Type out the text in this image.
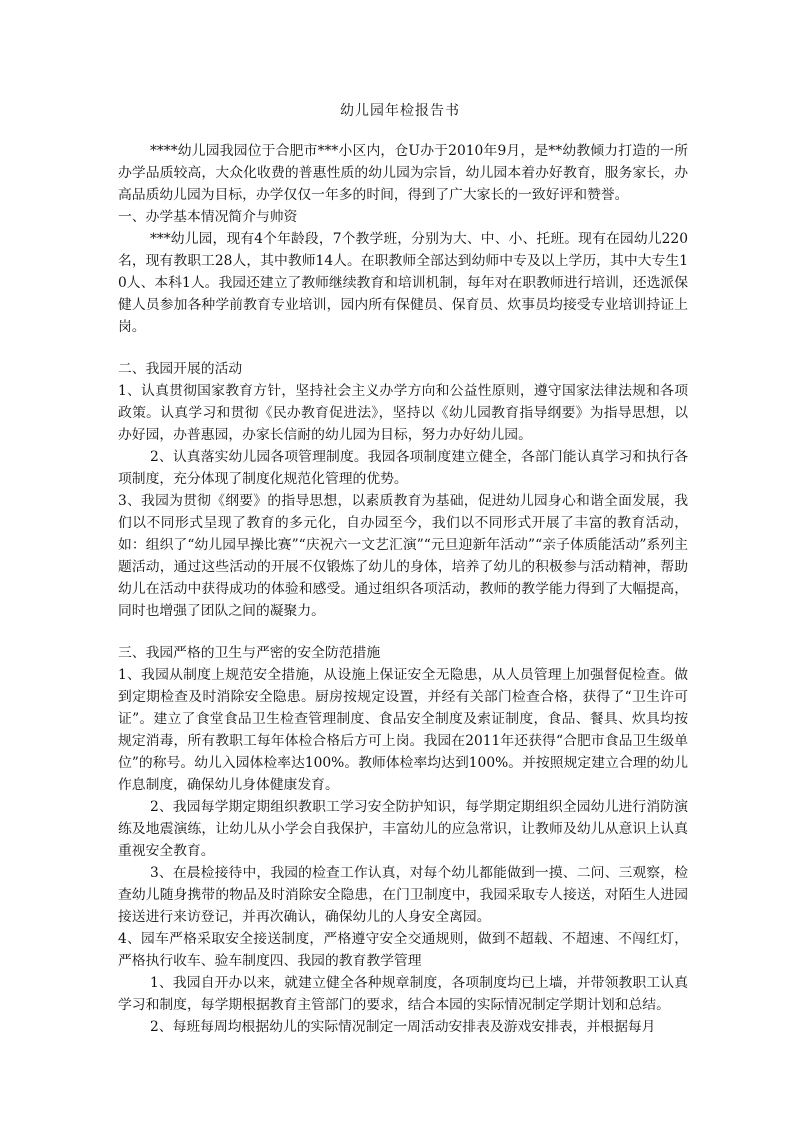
幼儿园年检报告书

****幼儿园我园位于合肥市***小区内，仓U办于2010年9月，是**幼教倾力打造的一所办学品质较高，大众化收费的普惠性质的幼儿园为宗旨，幼儿园本着办好教育，服务家长，办高品质幼儿园为目标，办学仅仅一年多的时间，得到了广大家长的一致好评和赞誉。

一、办学基本情况简介与帅资

***幼儿园，现有4个年龄段，7个教学班，分别为大、中、小、托班。现有在园幼儿220名，现有教职工28人，其中教师14人。在职教师全部达到幼师中专及以上学历，其中大专生10人、本科1人。我园还建立了教师继续教育和培训机制，每年对在职教师进行培训，还选派保健人员参加各种学前教育专业培训，园内所有保健员、保育员、炊事员均接受专业培训持证上岗。

二、我园开展的活动

1、认真贯彻国家教育方针，坚持社会主义办学方向和公益性原则，遵守国家法律法规和各项政策。认真学习和贯彻《民办教育促进法》，坚持以《幼儿园教育指导纲要》为指导思想，以办好园，办普惠园，办家长信耐的幼儿园为目标，努力办好幼儿园。

2、认真落实幼儿园各项管理制度。我园各项制度建立健全，各部门能认真学习和执行各项制度，充分体现了制度化规范化管理的优势。

3、我园为贯彻《纲要》的指导思想，以素质教育为基础，促进幼儿园身心和谐全面发展，我们以不同形式呈现了教育的多元化，自办园至今，我们以不同形式开展了丰富的教育活动，如：组织了“幼儿园早操比赛”“庆祝六一文艺汇演”“元旦迎新年活动”“亲子体质能活动”系列主题活动，通过这些活动的开展不仅锻炼了幼儿的身体，培养了幼儿的积极参与活动精神，帮助幼儿在活动中获得成功的体验和感受。通过组织各项活动，教师的教学能力得到了大幅提高，同时也增强了团队之间的凝聚力。

三、我园严格的卫生与严密的安全防范措施

1、我园从制度上规范安全措施，从设施上保证安全无隐患，从人员管理上加强督促检查。做到定期检查及时消除安全隐患。厨房按规定设置，并经有关部门检查合格，获得了“卫生许可证”。建立了食堂食品卫生检查管理制度、食品安全制度及索证制度，食品、餐具、炊具均按规定消毒，所有教职工每年体检合格后方可上岗。我园在2011年还获得“合肥市食品卫生级单位”的称号。幼儿入园体检率达100%。教师体检率均达到100%。并按照规定建立合理的幼儿作息制度，确保幼儿身体健康发育。

2、我园每学期定期组织教职工学习安全防护知识，每学期定期组织全园幼儿进行消防演练及地震演练，让幼儿从小学会自我保护，丰富幼儿的应急常识，让教师及幼儿从意识上认真重视安全教育。

3、在晨检接待中，我园的检查工作认真，对每个幼儿都能做到一摸、二问、三观察，检查幼儿随身携带的物品及时消除安全隐患，在门卫制度中，我园采取专人接送，对陌生人进园接送进行来访登记，并再次确认，确保幼儿的人身安全离园。

4、园车严格采取安全接送制度，严格遵守安全交通规则，做到不超载、不超速、不闯红灯，严格执行收车、验车制度四、我园的教育教学管理

1、我园自开办以来，就建立健全各种规章制度，各项制度均已上墙，并带领教职工认真学习和制度，每学期根据教育主管部门的要求，结合本园的实际情况制定学期计划和总结。

2、每班每周均根据幼儿的实际情况制定一周活动安排表及游戏安排表，并根据每月
